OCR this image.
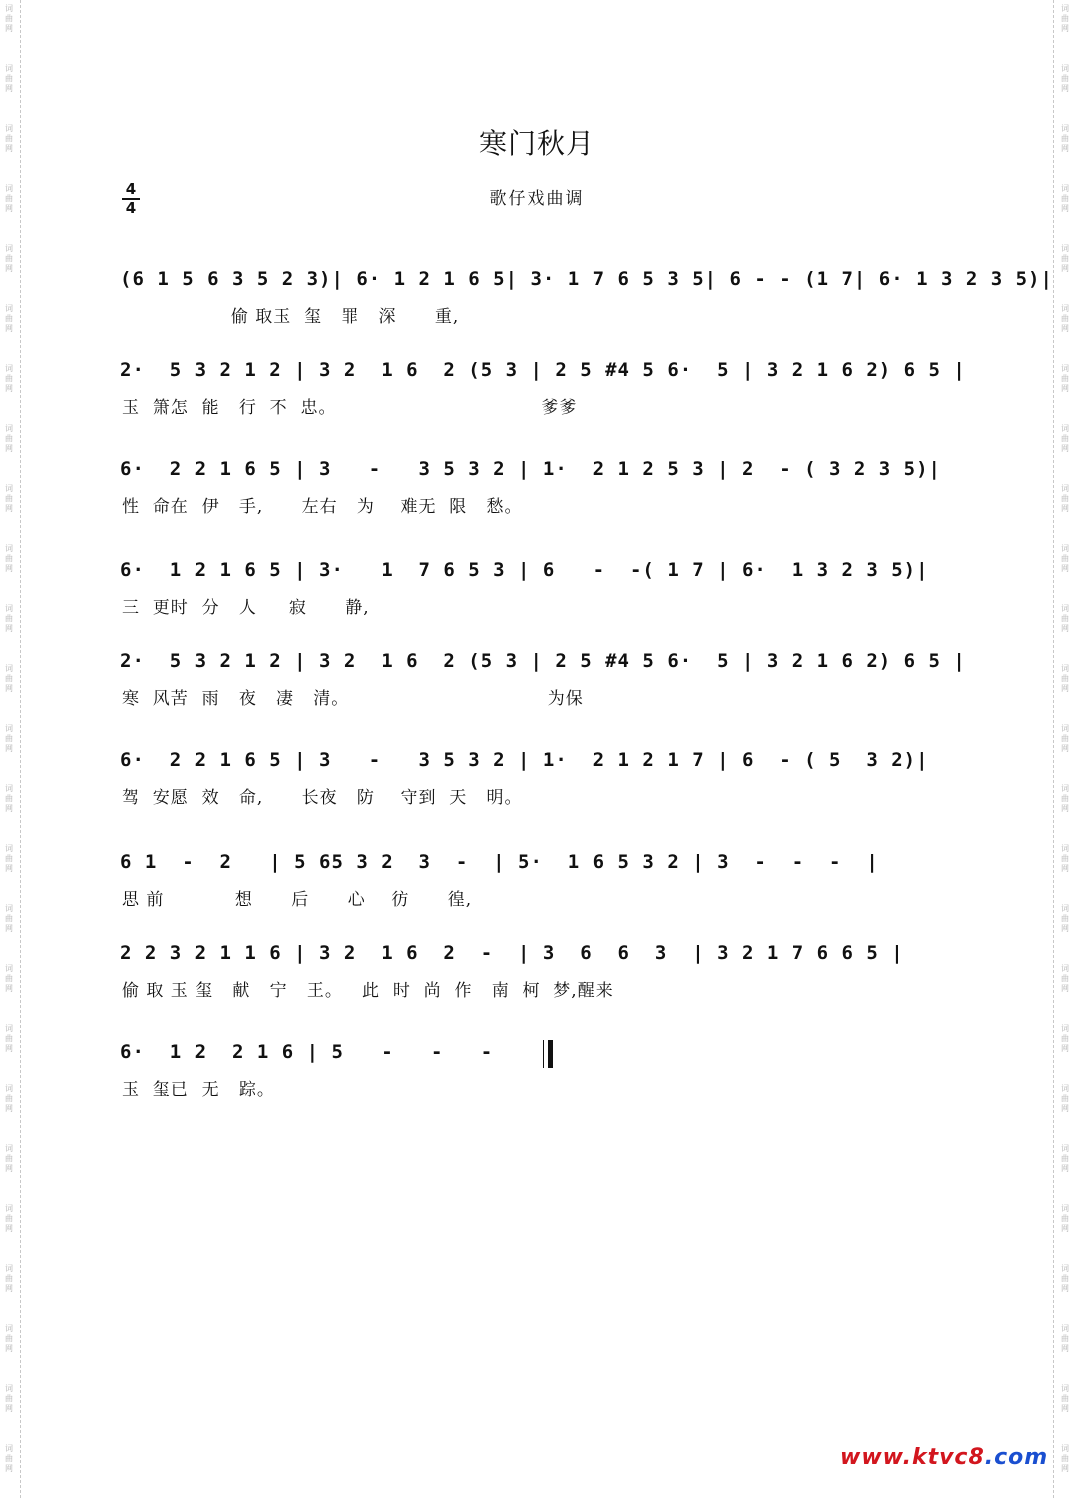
词
曲
网
词
曲
网
词
曲
网
词
曲
网
词
曲
网
词
曲
网
词
曲
网
词
曲
网
词
曲
网
词
曲
网
词
曲
网
词
曲
网
词
曲
网
词
曲
网
词
曲
网
词
曲
网
词
曲
网
词
曲
网
词
曲
网
词
曲
网
词
曲
网
词
曲
网
词
曲
网
词
曲
网
词
曲
网
词
曲
网
词
曲
网
词
曲
网
词
曲
网
词
曲
网
词
曲
网
词
曲
网
词
曲
网
词
曲
网
词
曲
网
词
曲
网
词
曲
网
词
曲
网
词
曲
网
词
曲
网
词
曲
网
词
曲
网
词
曲
网
词
曲
网
词
曲
网
词
曲
网
词
曲
网
词
曲
网
词
曲
网
词
曲
网
寒门秋月
歌仔戏曲调
$\frac{4}{4}$
(6 1 5 6 3 5 2 3)| 6· 1 2 1 6 5| 3· 1 7 6 5 3 5| 6 - - (1 7| 6· 1 3 2 3 5)|
偷 取玉  玺   罪   深      重,
2·  5 3 2 1 2 | 3 2  1 6  2 (5 3 | 2 5 #4 5 6·  5 | 3 2 1 6 2) 6 5 |
玉  箫怎  能   行  不  忠。                                爹爹
6·  2 2 1 6 5 | 3   -   3 5 3 2 | 1·  2 1 2 5 3 | 2  - ( 3 2 3 5)|
性  命在  伊   手,      左右   为    难无  限   愁。
6·  1 2 1 6 5 | 3·   1  7 6 5 3 | 6   -  -( 1 7 | 6·  1 3 2 3 5)|
三  更时  分   人     寂      静,
2·  5 3 2 1 2 | 3 2  1 6  2 (5 3 | 2 5 #4 5 6·  5 | 3 2 1 6 2) 6 5 |
寒  风苦  雨   夜   凄   清。                               为保
6·  2 2 1 6 5 | 3   -   3 5 3 2 | 1·  2 1 2 1 7 | 6  - ( 5  3 2)|
驾  安愿  效   命,      长夜   防    守到  天   明。
6 1  -  2   | 5 65 3 2  3  -  | 5·  1 6 5 3 2 | 3  -  -  -  |
思 前           想      后      心    彷      徨,
2 2 3 2 1 1 6 | 3 2  1 6  2  -  | 3  6  6  3  | 3 2 1 7 6 6 5 |
偷 取 玉 玺   献   宁   王。   此  时  尚  作   南  柯  梦,醒来
6·  1 2  2 1 6 | 5   -   -   -
玉  玺已  无   踪。
www.ktvc8.com
